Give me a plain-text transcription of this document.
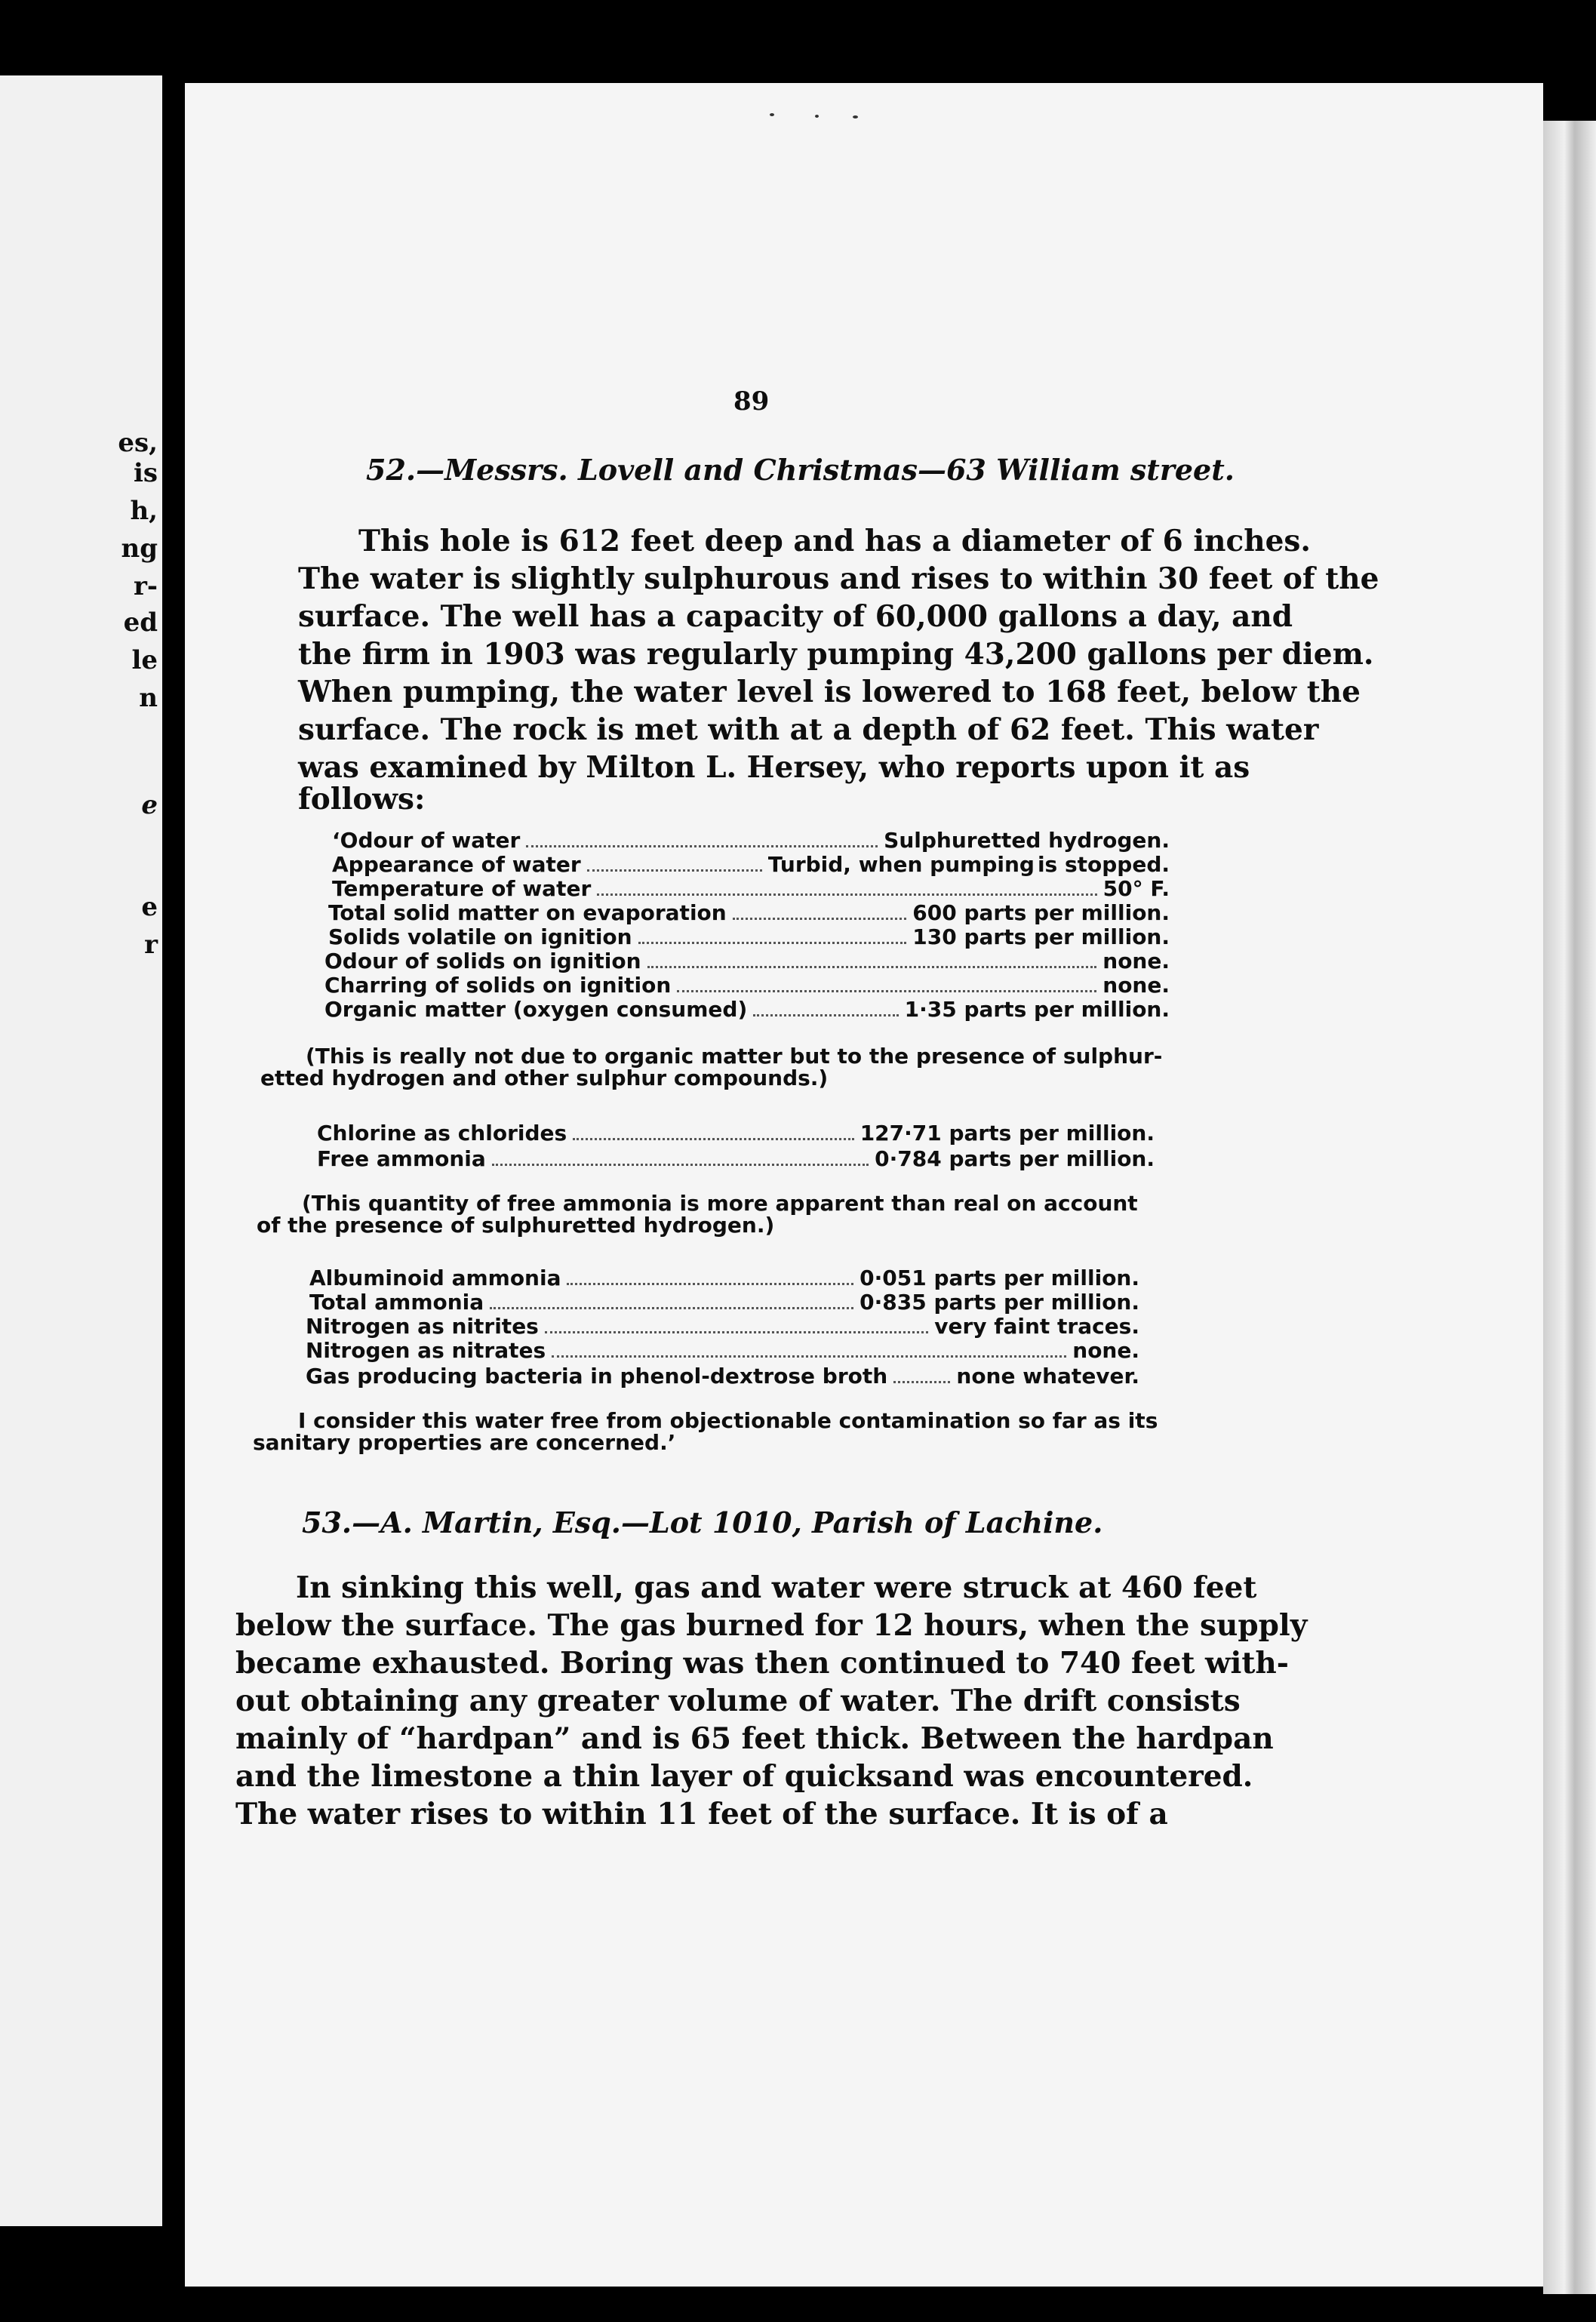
es,
is
h,
ng
r-
ed
le
n
e
e
r
89
52.—Messrs. Lovell and Christmas—63 William street.
This hole is 612 feet deep and has a diameter of 6 inches.
The water is slightly sulphurous and rises to within 30 feet of the
surface. The well has a capacity of 60,000 gallons a day, and
the firm in 1903 was regularly pumping 43,200 gallons per diem.
When pumping, the water level is lowered to 168 feet, below the
surface. The rock is met with at a depth of 62 feet. This water
was examined by Milton L. Hersey, who reports upon it as
follows:
‘Odour of water	Sulphuretted hydrogen.
Appearance of water	Turbid, when pumping is stopped.
Temperature of water	50° F.
Total solid matter on evaporation	600 parts per million.
Solids volatile on ignition	130 parts per million.
Odour of solids on ignition	none.
Charring of solids on ignition	none.
Organic matter (oxygen consumed)	1·35 parts per million.
(This is really not due to organic matter but to the presence of sulphur-
etted hydrogen and other sulphur compounds.)
Chlorine as chlorides	127·71 parts per million.
Free ammonia	0·784 parts per million.
(This quantity of free ammonia is more apparent than real on account
of the presence of sulphuretted hydrogen.)
Albuminoid ammonia	0·051 parts per million.
Total ammonia	0·835 parts per million.
Nitrogen as nitrites	very faint traces.
Nitrogen as nitrates	none.
Gas producing bacteria in phenol-dextrose broth	none whatever.
I consider this water free from objectionable contamination so far as its
sanitary properties are concerned.’
53.—A. Martin, Esq.—Lot 1010, Parish of Lachine.
In sinking this well, gas and water were struck at 460 feet
below the surface. The gas burned for 12 hours, when the supply
became exhausted. Boring was then continued to 740 feet with-
out obtaining any greater volume of water. The drift consists
mainly of “hardpan” and is 65 feet thick. Between the hardpan
and the limestone a thin layer of quicksand was encountered.
The water rises to within 11 feet of the surface. It is of a
